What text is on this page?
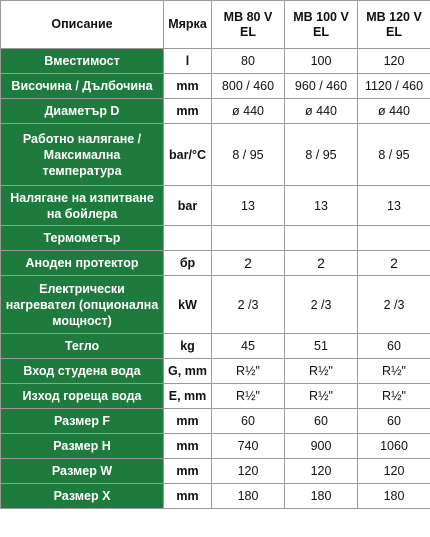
Описание	Мярка	MB 80 V EL	MB 100 V EL	MB 120 V EL
Вместимост	l	80	100	120
Височина / Дълбочина	mm	800 / 460	960 / 460	1120 / 460
Диаметър D	mm	ø 440	ø 440	ø 440
Работно налягане / Максимална температура	bar/°C	8 / 95	8 / 95	8 / 95
Налягане на изпитване на бойлера	bar	13	13	13
Термометър				
Аноден протектор	бр	2	2	2
Електрически нагревател (опционална мощност)	kW	2 /3	2 /3	2 /3
Тегло	kg	45	51	60
Вход студена вода	G, mm	R½"	R½"	R½"
Изход гореща вода	E, mm	R½"	R½"	R½"
Размер F	mm	60	60	60
Размер H	mm	740	900	1060
Размер W	mm	120	120	120
Размер X	mm	180	180	180
